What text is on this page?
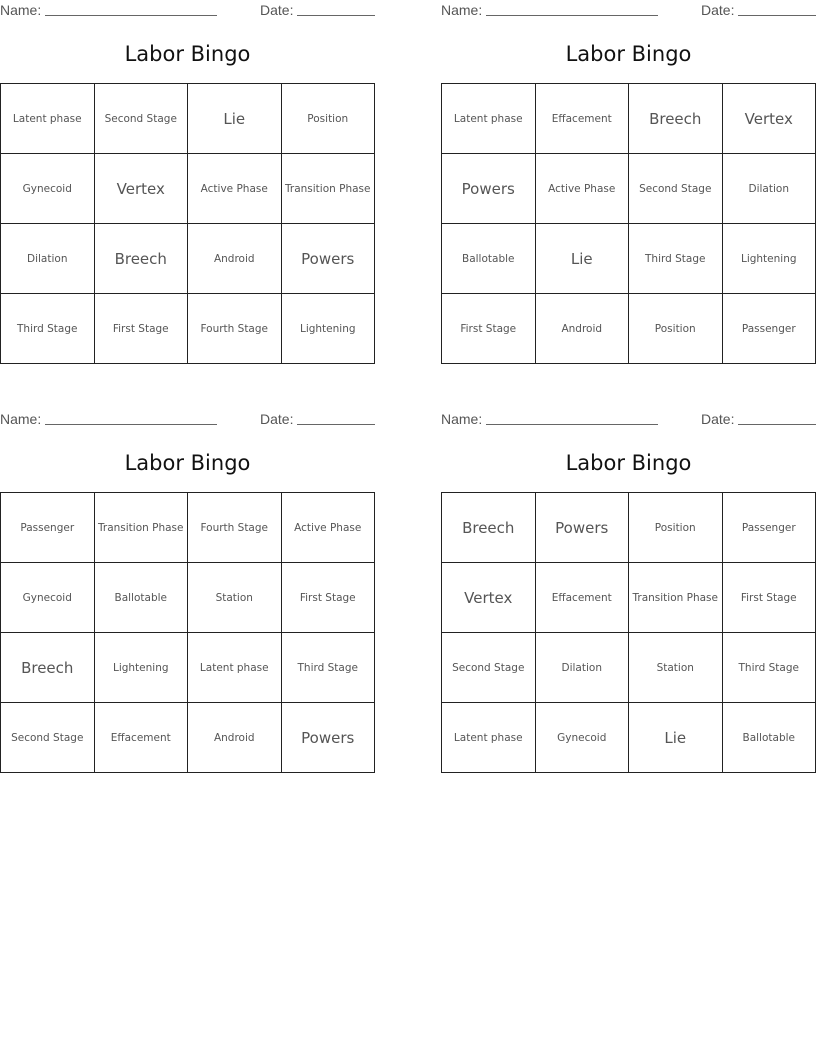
Name:	Date:
Labor Bingo
Latent phase	Second Stage	Lie	Position
Gynecoid	Vertex	Active Phase	Transition Phase
Dilation	Breech	Android	Powers
Third Stage	First Stage	Fourth Stage	Lightening
Name:	Date:
Labor Bingo
Latent phase	Effacement	Breech	Vertex
Powers	Active Phase	Second Stage	Dilation
Ballotable	Lie	Third Stage	Lightening
First Stage	Android	Position	Passenger
Name:	Date:
Labor Bingo
Passenger	Transition Phase	Fourth Stage	Active Phase
Gynecoid	Ballotable	Station	First Stage
Breech	Lightening	Latent phase	Third Stage
Second Stage	Effacement	Android	Powers
Name:	Date:
Labor Bingo
Breech	Powers	Position	Passenger
Vertex	Effacement	Transition Phase	First Stage
Second Stage	Dilation	Station	Third Stage
Latent phase	Gynecoid	Lie	Ballotable
